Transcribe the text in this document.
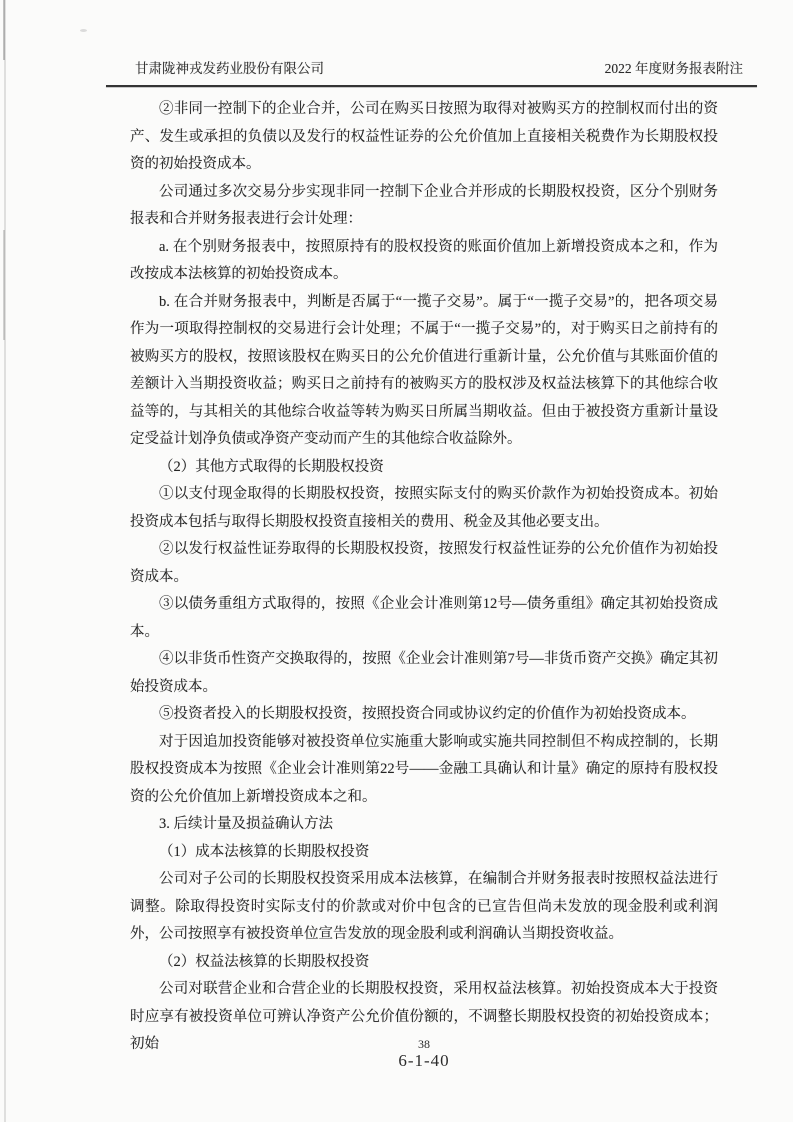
甘肃陇神戎发药业股份有限公司	2022 年度财务报表附注

②非同一控制下的企业合并，公司在购买日按照为取得对被购买方的控制权而付出的资产、发生或承担的负债以及发行的权益性证券的公允价值加上直接相关税费作为长期股权投资的初始投资成本。

公司通过多次交易分步实现非同一控制下企业合并形成的长期股权投资，区分个别财务报表和合并财务报表进行会计处理：

a. 在个别财务报表中，按照原持有的股权投资的账面价值加上新增投资成本之和，作为改按成本法核算的初始投资成本。

b. 在合并财务报表中，判断是否属于“一揽子交易”。属于“一揽子交易”的，把各项交易作为一项取得控制权的交易进行会计处理；不属于“一揽子交易”的，对于购买日之前持有的被购买方的股权，按照该股权在购买日的公允价值进行重新计量，公允价值与其账面价值的差额计入当期投资收益；购买日之前持有的被购买方的股权涉及权益法核算下的其他综合收益等的，与其相关的其他综合收益等转为购买日所属当期收益。但由于被投资方重新计量设定受益计划净负债或净资产变动而产生的其他综合收益除外。

（2）其他方式取得的长期股权投资

①以支付现金取得的长期股权投资，按照实际支付的购买价款作为初始投资成本。初始投资成本包括与取得长期股权投资直接相关的费用、税金及其他必要支出。

②以发行权益性证券取得的长期股权投资，按照发行权益性证券的公允价值作为初始投资成本。

③以债务重组方式取得的，按照《企业会计准则第12号—债务重组》确定其初始投资成本。

④以非货币性资产交换取得的，按照《企业会计准则第7号—非货币资产交换》确定其初始投资成本。

⑤投资者投入的长期股权投资，按照投资合同或协议约定的价值作为初始投资成本。

对于因追加投资能够对被投资单位实施重大影响或实施共同控制但不构成控制的，长期股权投资成本为按照《企业会计准则第22号——金融工具确认和计量》确定的原持有股权投资的公允价值加上新增投资成本之和。

3. 后续计量及损益确认方法

（1）成本法核算的长期股权投资

公司对子公司的长期股权投资采用成本法核算，在编制合并财务报表时按照权益法进行调整。除取得投资时实际支付的价款或对价中包含的已宣告但尚未发放的现金股利或利润外，公司按照享有被投资单位宣告发放的现金股利或利润确认当期投资收益。

（2）权益法核算的长期股权投资

公司对联营企业和合营企业的长期股权投资，采用权益法核算。初始投资成本大于投资时应享有被投资单位可辨认净资产公允价值份额的，不调整长期股权投资的初始投资成本；初始	38
6-1-40
